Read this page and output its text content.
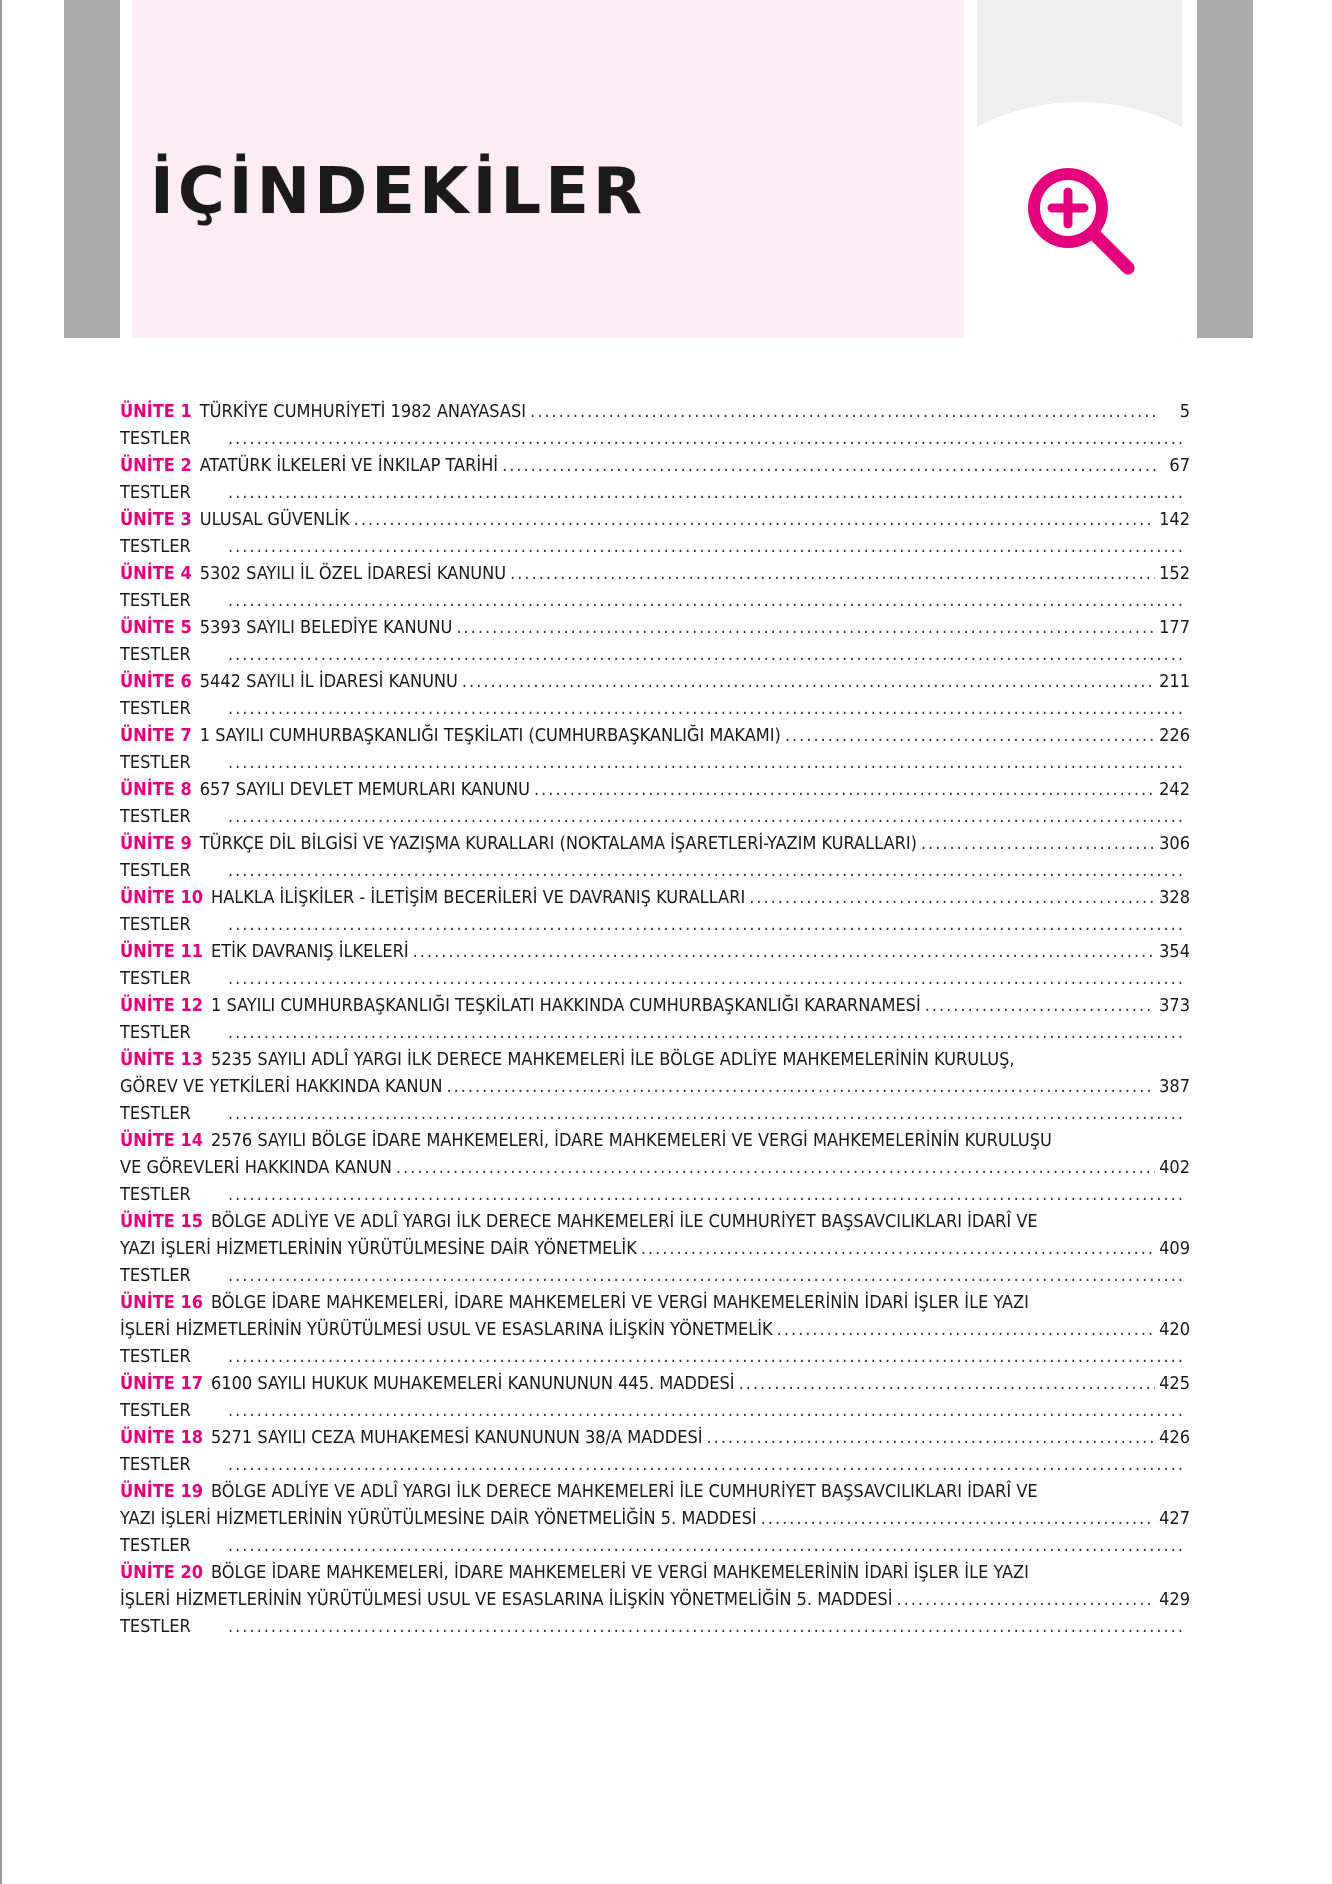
İÇİNDEKİLER
ÜNİTE 1 TÜRKİYE CUMHURİYETİ 1982 ANAYASASI .....	5
TESTLER
.....
ÜNİTE 2 ATATÜRK İLKELERİ VE İNKILAP TARİHİ .....	67
TESTLER
.....
ÜNİTE 3 ULUSAL GÜVENLİK .....	142
TESTLER
.....
ÜNİTE 4 5302 SAYILI İL ÖZEL İDARESİ KANUNU .....	152
TESTLER
.....
ÜNİTE 5 5393 SAYILI BELEDİYE KANUNU .....	177
TESTLER
.....
ÜNİTE 6 5442 SAYILI İL İDARESİ KANUNU .....	211
TESTLER
.....
ÜNİTE 7 1 SAYILI CUMHURBAŞKANLIĞI TEŞKİLATI (CUMHURBAŞKANLIĞI MAKAMI) .....	226
TESTLER
.....
ÜNİTE 8 657 SAYILI DEVLET MEMURLARI KANUNU .....	242
TESTLER
.....
ÜNİTE 9 TÜRKÇE DİL BİLGİSİ VE YAZIŞMA KURALLARI (NOKTALAMA İŞARETLERİ-YAZIM KURALLARI) .....	306
TESTLER
.....
ÜNİTE 10 HALKLA İLİŞKİLER - İLETİŞİM BECERİLERİ VE DAVRANIŞ KURALLARI .....	328
TESTLER
.....
ÜNİTE 11 ETİK DAVRANIŞ İLKELERİ .....	354
TESTLER
.....
ÜNİTE 12 1 SAYILI CUMHURBAŞKANLIĞI TEŞKİLATI HAKKINDA CUMHURBAŞKANLIĞI KARARNAMESİ .....	373
TESTLER
.....
ÜNİTE 13 5235 SAYILI ADLÎ YARGI İLK DERECE MAHKEMELERİ İLE BÖLGE ADLİYE MAHKEMELERİNİN KURULUŞ,
GÖREV VE YETKİLERİ HAKKINDA KANUN .....	387
TESTLER
.....
ÜNİTE 14 2576 SAYILI BÖLGE İDARE MAHKEMELERİ, İDARE MAHKEMELERİ VE VERGİ MAHKEMELERİNİN KURULUŞU
VE GÖREVLERİ HAKKINDA KANUN .....	402
TESTLER
.....
ÜNİTE 15 BÖLGE ADLİYE VE ADLÎ YARGI İLK DERECE MAHKEMELERİ İLE CUMHURİYET BAŞSAVCILIKLARI İDARÎ VE
YAZI İŞLERİ HİZMETLERİNİN YÜRÜTÜLMESİNE DAİR YÖNETMELİK .....	409
TESTLER
.....
ÜNİTE 16 BÖLGE İDARE MAHKEMELERİ, İDARE MAHKEMELERİ VE VERGİ MAHKEMELERİNİN İDARİ İŞLER İLE YAZI
İŞLERİ HİZMETLERİNİN YÜRÜTÜLMESİ USUL VE ESASLARINA İLİŞKİN YÖNETMELİK .....	420
TESTLER
.....
ÜNİTE 17 6100 SAYILI HUKUK MUHAKEMELERİ KANUNUNUN 445. MADDESİ .....	425
TESTLER
.....
ÜNİTE 18 5271 SAYILI CEZA MUHAKEMESİ KANUNUNUN 38/A MADDESİ .....	426
TESTLER
.....
ÜNİTE 19 BÖLGE ADLİYE VE ADLÎ YARGI İLK DERECE MAHKEMELERİ İLE CUMHURİYET BAŞSAVCILIKLARI İDARÎ VE
YAZI İŞLERİ HİZMETLERİNİN YÜRÜTÜLMESİNE DAİR YÖNETMELİĞİN 5. MADDESİ .....	427
TESTLER
.....
ÜNİTE 20 BÖLGE İDARE MAHKEMELERİ, İDARE MAHKEMELERİ VE VERGİ MAHKEMELERİNİN İDARİ İŞLER İLE YAZI
İŞLERİ HİZMETLERİNİN YÜRÜTÜLMESİ USUL VE ESASLARINA İLİŞKİN YÖNETMELİĞİN 5. MADDESİ .....	429
TESTLER
.....
